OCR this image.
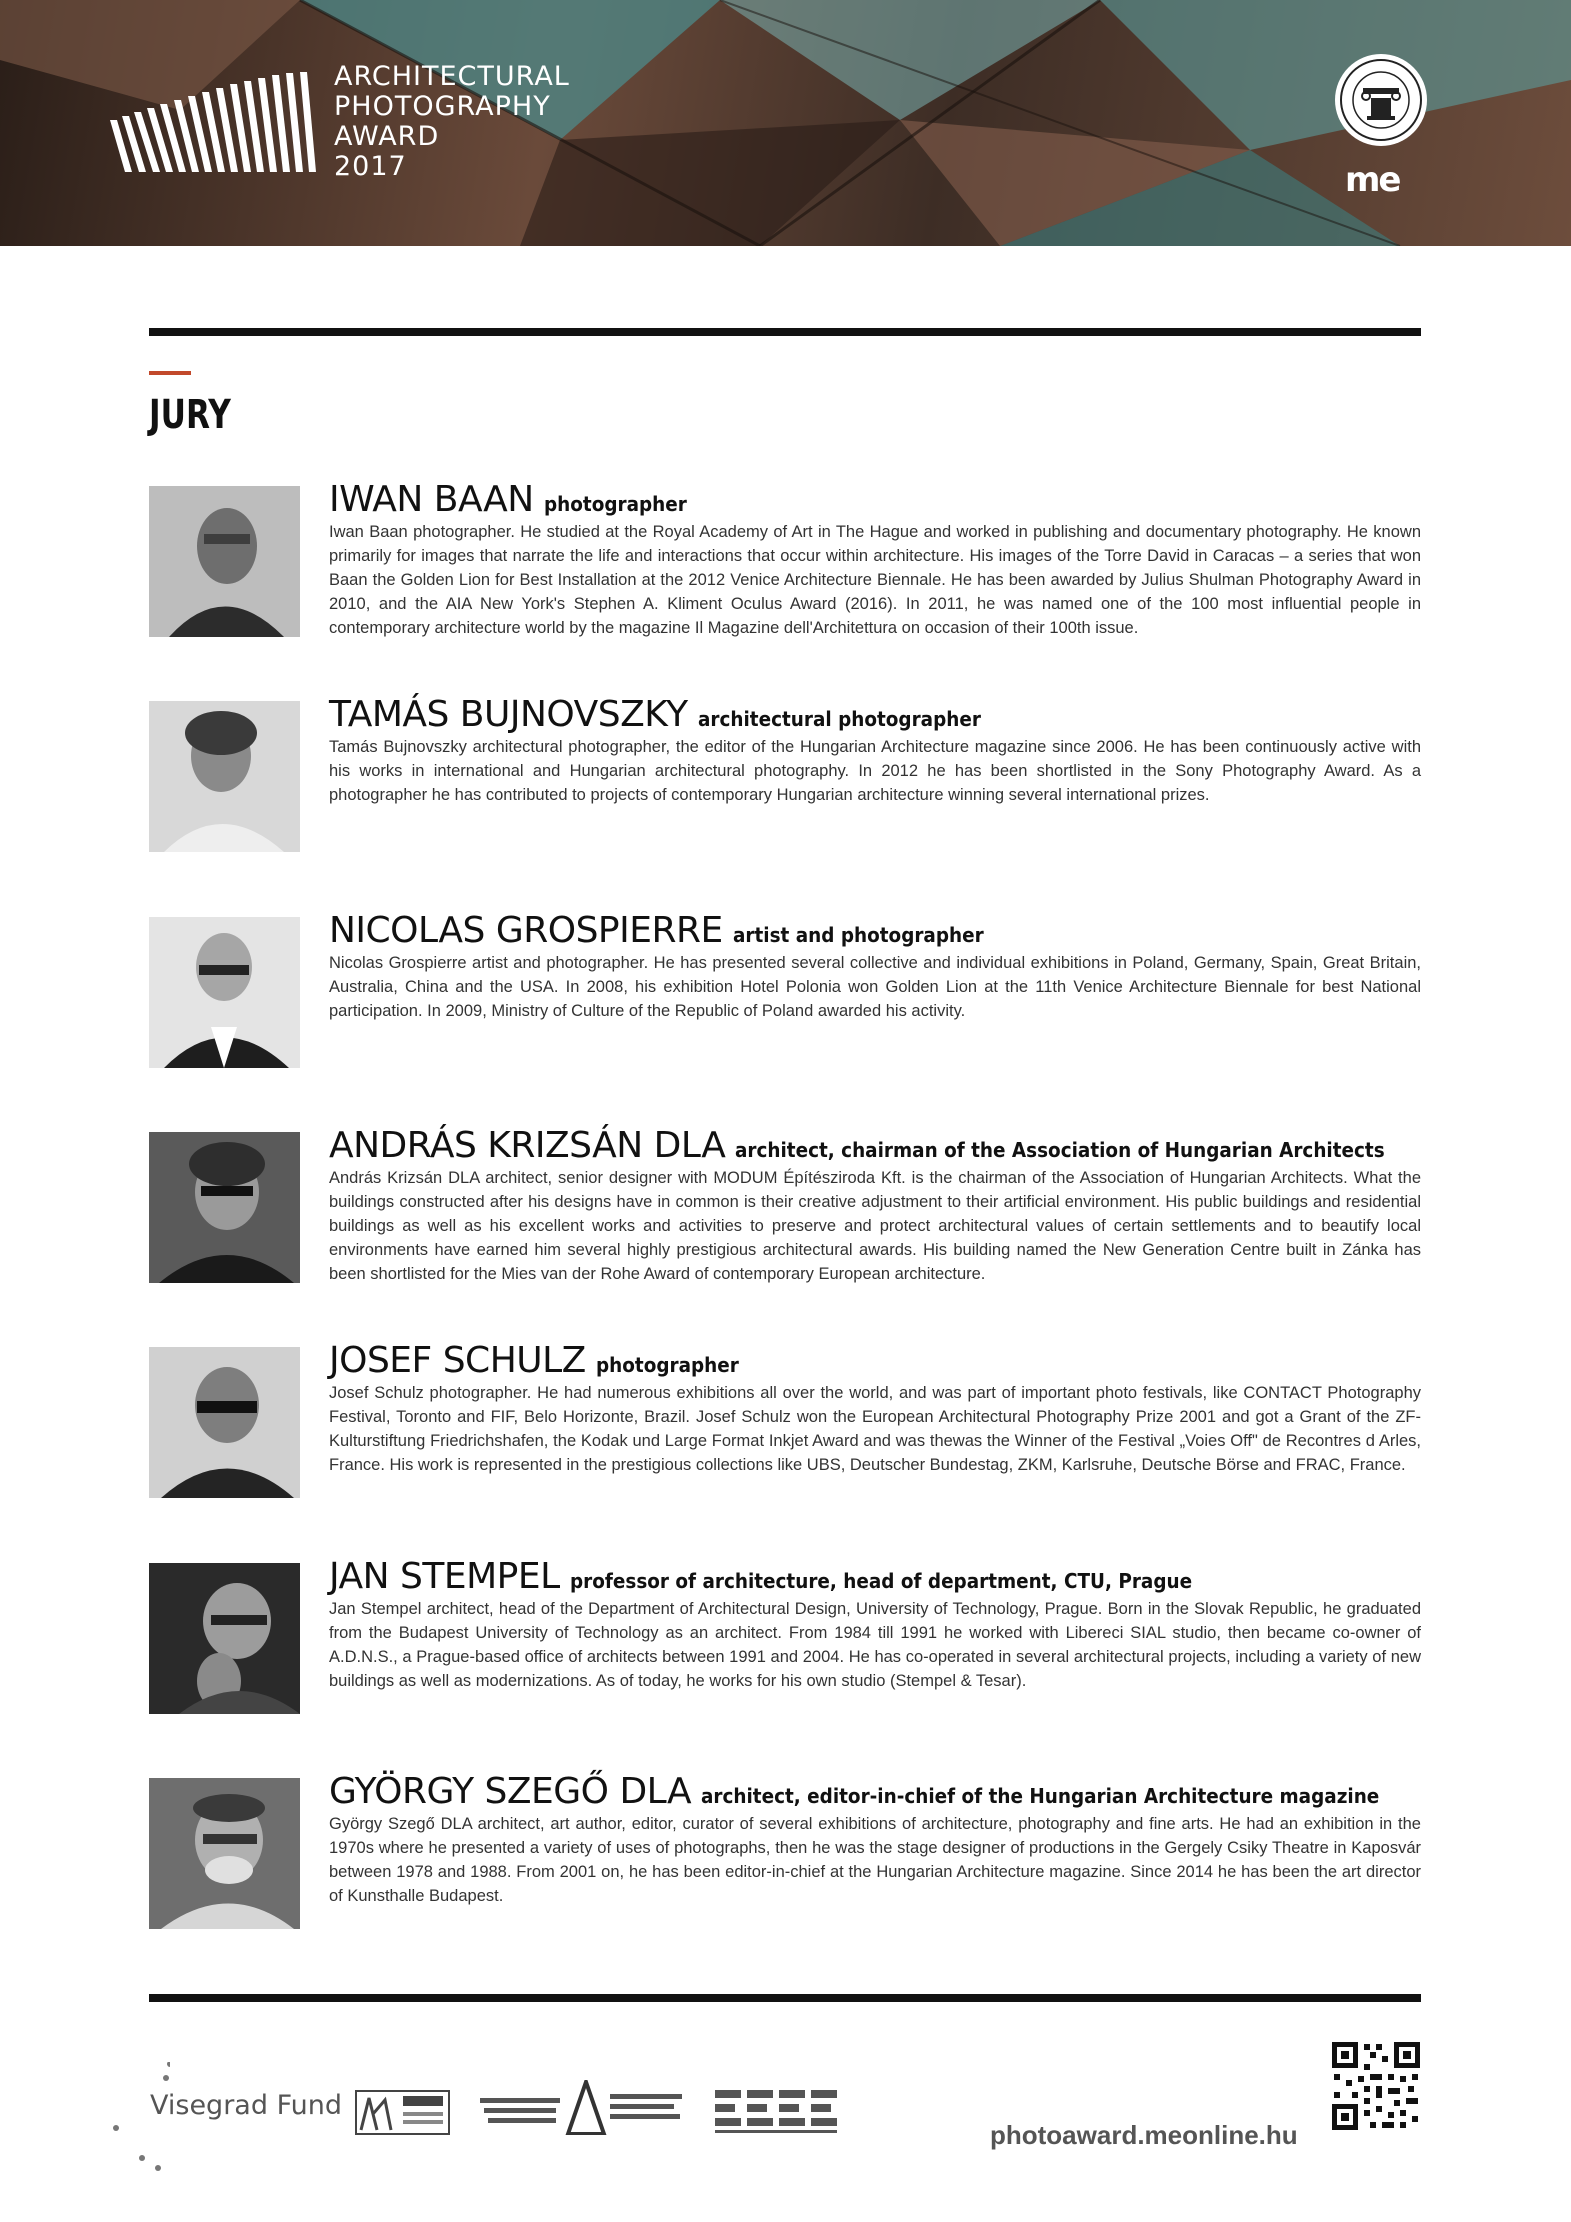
ARCHITECTURAL
PHOTOGRAPHY
AWARD
2017	me
JURY
IWAN BAAN photographer

Iwan Baan photographer. He studied at the Royal Academy of Art in The Hague and worked in publishing and documentary photography. He known primarily for images that narrate the life and interactions that occur within architecture. His images of the Torre David in Caracas – a series that won Baan the Golden Lion for Best Installation at the 2012 Venice Architecture Biennale. He has been awarded by Julius Shulman Photography Award in 2010, and the AIA New York's Stephen A. Kliment Oculus Award (2016). In 2011, he was named one of the 100 most influential people in contemporary architecture world by the magazine Il Magazine dell'Architettura on occasion of their 100th issue.

TAMÁS BUJNOVSZKY architectural photographer

Tamás Bujnovszky architectural photographer, the editor of the Hungarian Architecture magazine since 2006. He has been continuously active with his works in international and Hungarian architectural photography. In 2012 he has been shortlisted in the Sony Photography Award. As a photographer he has contributed to projects of contemporary Hungarian architecture winning several international prizes.

NICOLAS GROSPIERRE artist and photographer

Nicolas Grospierre artist and photographer. He has presented several collective and individual exhibitions in Poland, Germany, Spain, Great Britain, Australia, China and the USA. In 2008, his exhibition Hotel Polonia won Golden Lion at the 11th Venice Architecture Biennale for best National participation. In 2009, Ministry of Culture of the Republic of Poland awarded his activity.

ANDRÁS KRIZSÁN DLA architect, chairman of the Association of Hungarian Architects

András Krizsán DLA architect, senior designer with MODUM Építésziroda Kft. is the chairman of the Association of Hungarian Architects. What the buildings constructed after his designs have in common is their creative adjustment to their artificial environment. His public buildings and residential buildings as well as his excellent works and activities to preserve and protect architectural values of certain settlements and to beautify local environments have earned him several highly prestigious architectural awards. His building named the New Generation Centre built in Zánka has been shortlisted for the Mies van der Rohe Award of contemporary European architecture.

JOSEF SCHULZ photographer

Josef Schulz photographer. He had numerous exhibitions all over the world, and was part of important photo festivals, like CONTACT Photography Festival, Toronto and FIF, Belo Horizonte, Brazil. Josef Schulz won the European Architectural Photography Prize 2001 and got a Grant of the ZF-Kulturstiftung Friedrichshafen, the Kodak und Large Format Inkjet Award and was thewas the Winner of the Festival „Voies Off" de Recontres d Arles, France. His work is represented in the prestigious collections like UBS, Deutscher Bundestag, ZKM, Karlsruhe, Deutsche Börse and FRAC, France.

JAN STEMPEL professor of architecture, head of department, CTU, Prague

Jan Stempel architect, head of the Department of Architectural Design, University of Technology, Prague. Born in the Slovak Republic, he graduated from the Budapest University of Technology as an architect. From 1984 till 1991 he worked with Libereci SIAL studio, then became co-owner of A.D.N.S., a Prague-based office of architects between 1991 and 2004. He has co-operated in several architectural projects, including a variety of new buildings as well as modernizations. As of today, he works for his own studio (Stempel & Tesar).

GYÖRGY SZEGŐ DLA architect, editor-in-chief of the Hungarian Architecture magazine

György Szegő DLA architect, art author, editor, curator of several exhibitions of architecture, photography and fine arts. He had an exhibition in the 1970s where he presented a variety of uses of photographs, then he was the stage designer of productions in the Gergely Csiky Theatre in Kaposvár between 1978 and 1988. From 2001 on, he has been editor-in-chief at the Hungarian Architecture magazine. Since 2014 he has been the art director of Kunsthalle Budapest.

Visegrad Fund
photoaward.meonline.hu
